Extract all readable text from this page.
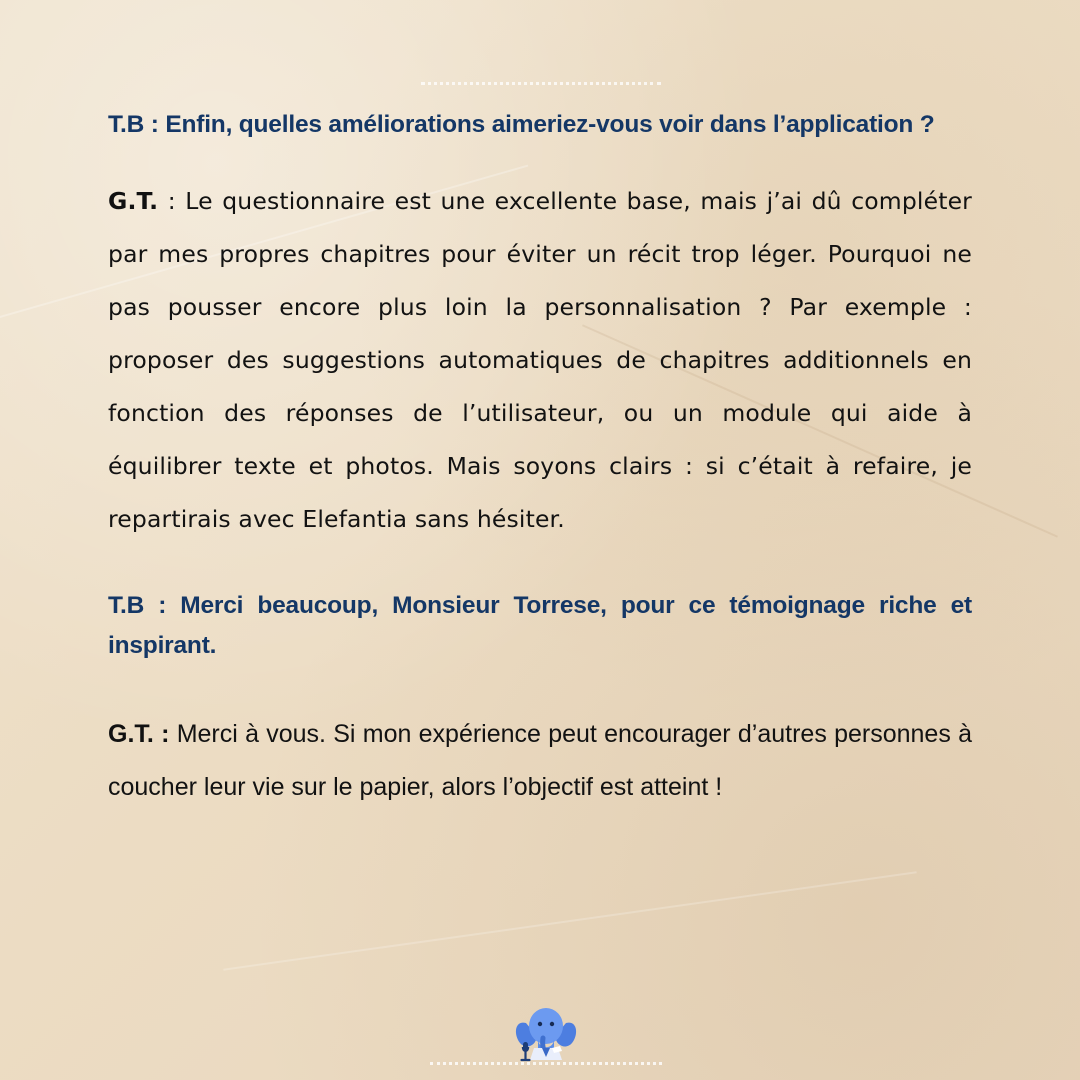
T.B : Enfin, quelles améliorations aimeriez-vous voir dans l’application ?

G.T. : Le questionnaire est une excellente base, mais j’ai dû compléter par mes propres chapitres pour éviter un récit trop léger. Pourquoi ne pas pousser encore plus loin la personnalisation ? Par exemple : proposer des suggestions automatiques de chapitres additionnels en fonction des réponses de l’utilisateur, ou un module qui aide à équilibrer texte et photos. Mais soyons clairs : si c’était à refaire, je repartirais avec Elefantia sans hésiter.

T.B : Merci beaucoup, Monsieur Torrese, pour ce témoignage riche et inspirant.

G.T. : Merci à vous. Si mon expérience peut encourager d’autres personnes à coucher leur vie sur le papier, alors l’objectif est atteint !
